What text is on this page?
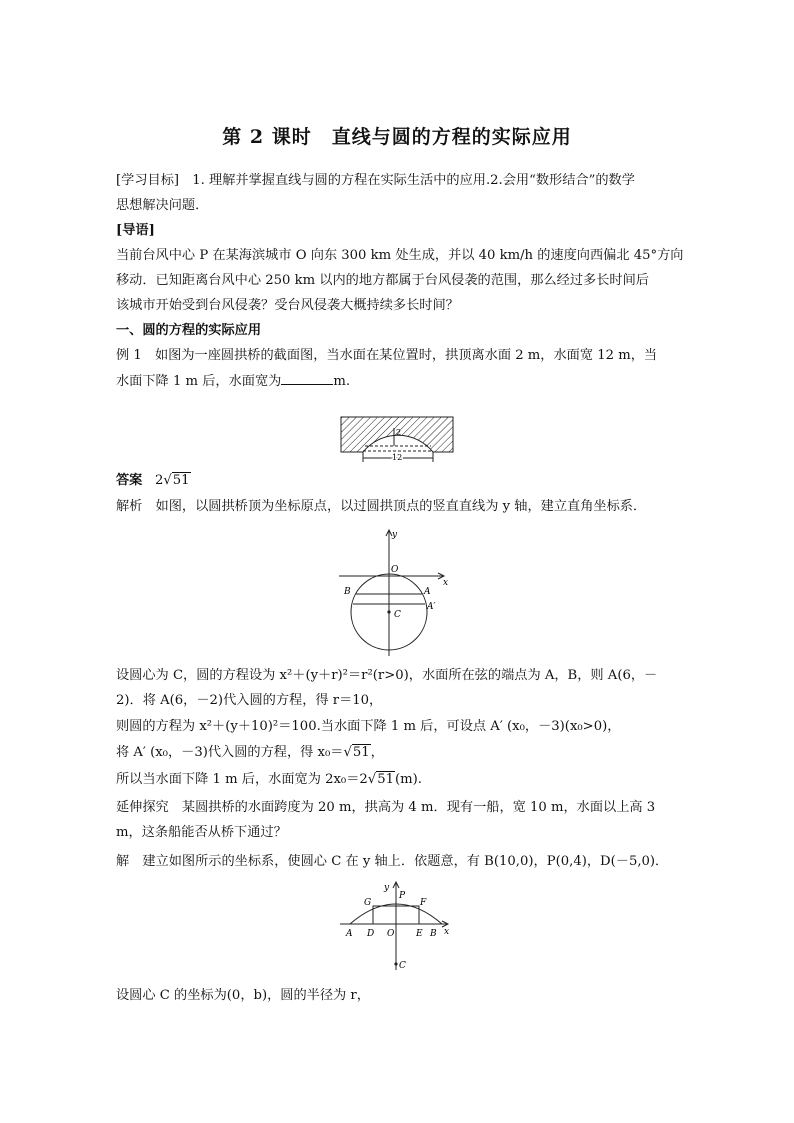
第 2 课时　直线与圆的方程的实际应用
[学习目标]　1. 理解并掌握直线与圆的方程在实际生活中的应用.2.会用“数形结合”的数学
思想解决问题．
[导语]
当前台风中心 P 在某海滨城市 O 向东 300 km 处生成，并以 40 km/h 的速度向西偏北 45°方向
移动．已知距离台风中心 250 km 以内的地方都属于台风侵袭的范围，那么经过多长时间后
该城市开始受到台风侵袭？受台风侵袭大概持续多长时间？
一、圆的方程的实际应用
例 1　如图为一座圆拱桥的截面图，当水面在某位置时，拱顶离水面 2 m，水面宽 12 m，当
水面下降 1 m 后，水面宽为	m.
2
12
答案 2√51
解析　如图，以圆拱桥顶为坐标原点，以过圆拱顶点的竖直直线为 y 轴，建立直角坐标系．
y
x
O
B	A
A′
C
设圆心为 C，圆的方程设为 x²＋(y＋r)²＝r²(r>0)，水面所在弦的端点为 A，B，则 A(6，－
2)．将 A(6，－2)代入圆的方程，得 r＝10，
则圆的方程为 x²＋(y＋10)²＝100.当水面下降 1 m 后，可设点 A′ (x₀，－3)(x₀>0)，
将 A′ (x₀，－3)代入圆的方程，得 x₀＝√51，
所以当水面下降 1 m 后，水面宽为 2x₀＝2√51(m).
延伸探究　某圆拱桥的水面跨度为 20 m，拱高为 4 m．现有一船，宽 10 m，水面以上高 3
m，这条船能否从桥下通过？
解　建立如图所示的坐标系，使圆心 C 在 y 轴上．依题意，有 B(10,0)，P(0,4)，D(－5,0)．
y
x
G
P
F
A D O E B
C
设圆心 C 的坐标为(0，b)，圆的半径为 r，
